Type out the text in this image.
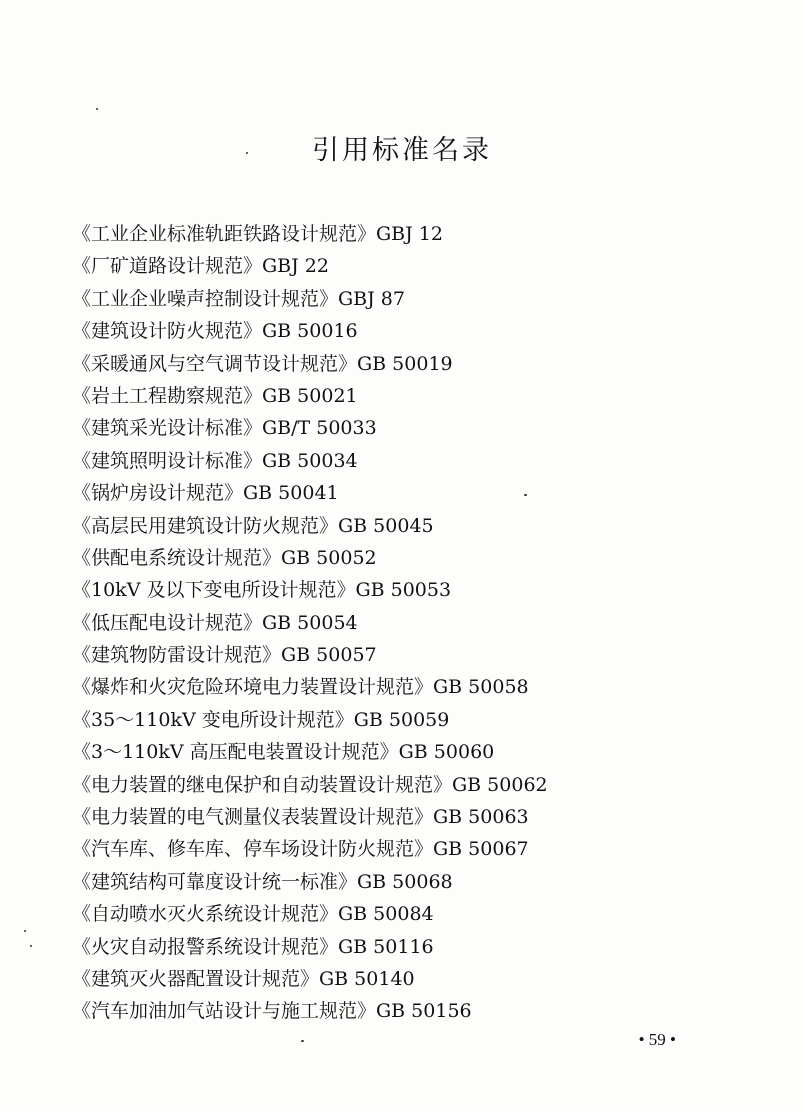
引用标准名录
《工业企业标准轨距铁路设计规范》GBJ 12
《厂矿道路设计规范》GBJ 22
《工业企业噪声控制设计规范》GBJ 87
《建筑设计防火规范》GB 50016
《采暖通风与空气调节设计规范》GB 50019
《岩土工程勘察规范》GB 50021
《建筑采光设计标准》GB/T 50033
《建筑照明设计标准》GB 50034
《锅炉房设计规范》GB 50041
《高层民用建筑设计防火规范》GB 50045
《供配电系统设计规范》GB 50052
《10kV 及以下变电所设计规范》GB 50053
《低压配电设计规范》GB 50054
《建筑物防雷设计规范》GB 50057
《爆炸和火灾危险环境电力装置设计规范》GB 50058
《35～110kV 变电所设计规范》GB 50059
《3～110kV 高压配电装置设计规范》GB 50060
《电力装置的继电保护和自动装置设计规范》GB 50062
《电力装置的电气测量仪表装置设计规范》GB 50063
《汽车库、修车库、停车场设计防火规范》GB 50067
《建筑结构可靠度设计统一标准》GB 50068
《自动喷水灭火系统设计规范》GB 50084
《火灾自动报警系统设计规范》GB 50116
《建筑灭火器配置设计规范》GB 50140
《汽车加油加气站设计与施工规范》GB 50156
• 59 •
